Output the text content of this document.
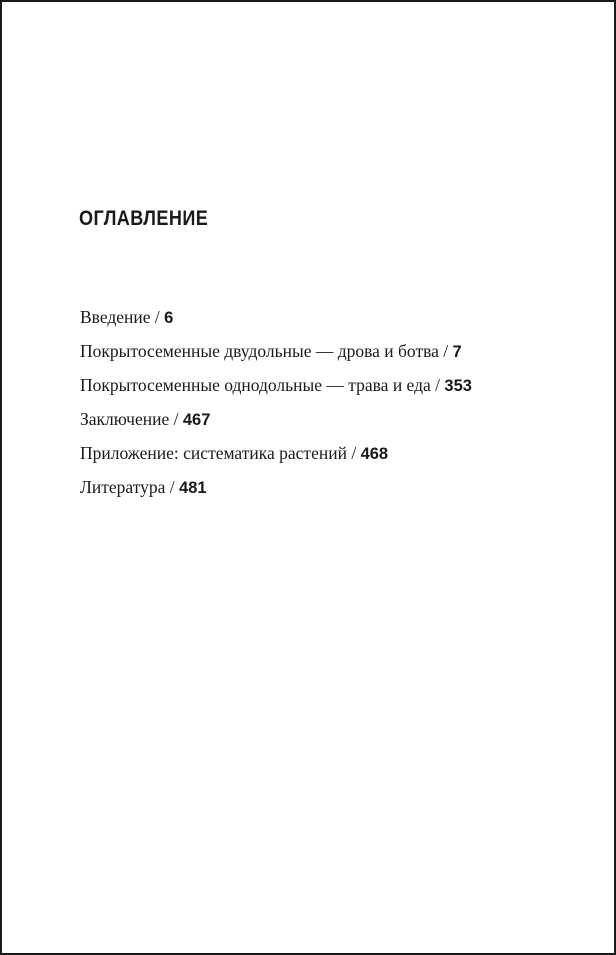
ОГЛАВЛЕНИЕ
Введение / 6
Покрытосеменные двудольные — дрова и ботва / 7
Покрытосеменные однодольные — трава и еда / 353
Заключение / 467
Приложение: систематика растений / 468
Литература / 481
